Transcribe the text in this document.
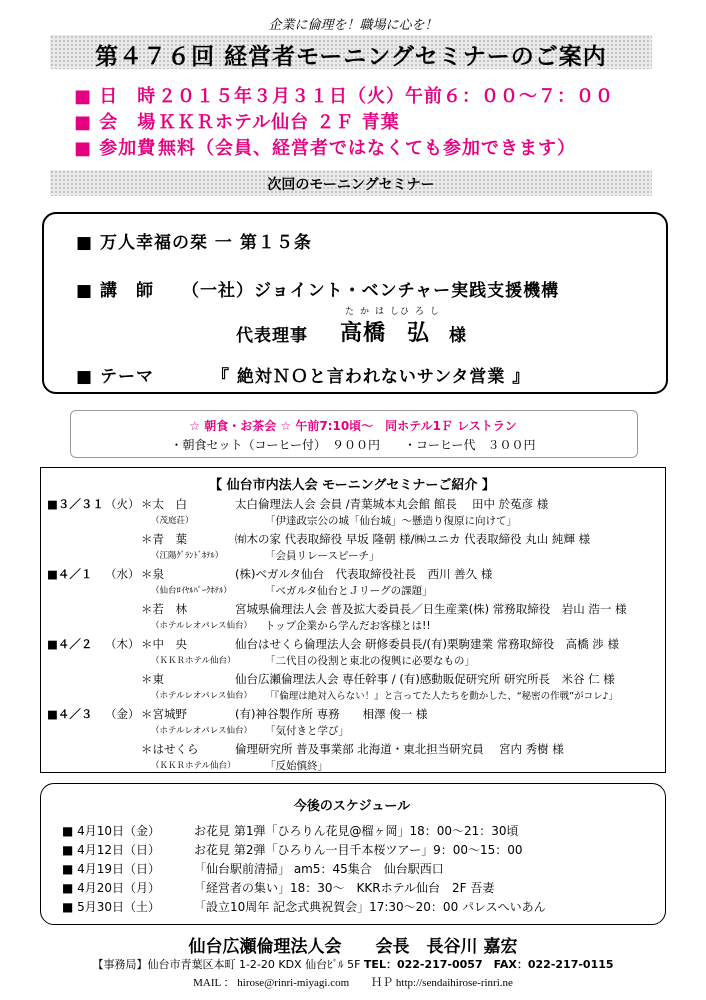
企業に倫理を！職場に心を！
第４７６回 経営者モーニングセミナーのご案内
■ 日　時２０１５年３月３１日（火）午前６：００～７：００
■ 会　場ＫＫＲホテル仙台 ２Ｆ 青葉
■ 参加費無料（会員、経営者ではなくても参加できます）
次回のモーニングセミナー
■ 万人幸福の栞 一 第１５条
■ 講　師 （一社）ジョイント・ベンチャー実践支援機構
たかはし
ひろし
代表理事 高橋 弘 様
■ テーマ	『 絶対ＮＯと言われないサンタ営業 』
☆ 朝食・お茶会 ☆ 午前7:10頃～　同ホテル1Ｆ レストラン
・朝食セット（コーヒー付）　９００円　　・コーヒー代　３００円
【 仙台市内法人会 モーニングセミナーご紹介 】
■３／３１（火） ＊太　白	太白倫理法人会 会員 /青葉城本丸会館 館長　 田中 於菟彦 様
（茂庭荘）	「伊達政宗公の城「仙台城」～懸造り復原に向けて」
＊青　葉	㈲木の家 代表取締役 早坂 隆朝 様/㈱ユニカ 代表取締役 丸山 純輝 様
（江陽ｸﾞﾗﾝﾄﾞﾎﾃﾙ）	「会員リレースピーチ」
■４／１ （水） ＊泉	(株)ベガルタ仙台　代表取締役社長　西川 善久 様
（仙台ﾛｲﾔﾙﾊﾟｰｸﾎﾃﾙ）	「ベガルタ仙台とＪリーグの課題」
＊若　林	宮城県倫理法人会 普及拡大委員長／日生産業(株) 常務取締役　岩山 浩一 様
（ホテルレオパレス仙台） トップ企業から学んだお客様とは!!
■４／２ （木） ＊中　央	仙台はせくら倫理法人会 研修委員長/(有)栗駒建業 常務取締役　高橋 渉 様
（ＫＫＲホテル仙台）	「二代目の役割と東北の復興に必要なもの」
＊東	仙台広瀬倫理法人会 専任幹事 / (有)感動販促研究所 研究所長　米谷 仁 様
（ホテルレオパレス仙台） 「『倫理は絶対入らない！』と言ってた人たちを動かした、“秘密の作戦”がコレ♪」
■４／３ （金） ＊宮城野	(有)神谷製作所 専務　　相澤 俊一 様
（ホテルレオパレス仙台） 「気付きと学び」
＊はせくら	倫理研究所 普及事業部 北海道・東北担当研究員　 宮内 秀樹 様
（ＫＫＲホテル仙台）	「反始慎終」
今後のスケジュール
■ 4月10日（金）	お花見 第1弾「ひろりん花見@榴ヶ岡」18：00～21：30頃
■ 4月12日（日）	お花見 第2弾「ひろりん一目千本桜ツアー」9：00～15：00
■ 4月19日（日）	「仙台駅前清掃」 am5：45集合　仙台駅西口
■ 4月20日（月）	「経営者の集い」18：30～　KKRホテル仙台　2F 吾妻
■ 5月30日（土）	「設立10周年 記念式典祝賀会」17:30～20：00 パレスへいあん
仙台広瀬倫理法人会　　会長　長谷川 嘉宏
【事務局】仙台市青葉区本町 1-2-20 KDX 仙台ﾋﾞﾙ 5F TEL：022-217-0057　FAX：022-217-0115
MAIL ： hirose@rinri-miyagi.com　　ＨＰ http://sendaihirose-rinri.ne
